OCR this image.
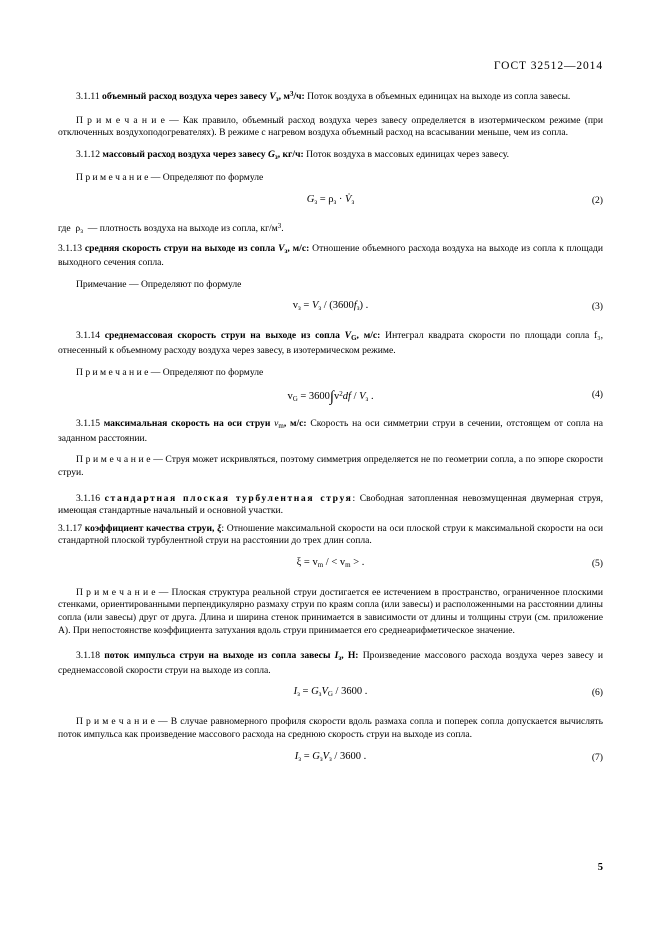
ГОСТ 32512—2014

3.1.11 объемный расход воздуха через завесу $V_з$, $м^3/ч$: Поток воздуха в объемных единицах на выходе из сопла завесы.

П р и м е ч а н и е — Как правило, объемный расход воздуха через завесу определяется в изотермическом режиме (при отключенных воздухоподогревателях). В режиме с нагревом воздуха объемный расход на всасывании меньше, чем из сопла.

3.1.12 массовый расход воздуха через завесу $G_з$, кг/ч: Поток воздуха в массовых единицах через завесу.

П р и м е ч а н и е — Определяют по формуле

$G_з = \rho_з$ · $V̇_з$	(2)

где  $\rho_з$  — плотность воздуха на выходе из сопла, $кг/м^3$.

3.1.13 средняя скорость струи на выходе из сопла $V_з$, м/с: Отношение объемного расхода воздуха на выходе из сопла к площади выходного сечения сопла.

Примечание — Определяют по формуле

$v_з = V_з / (3600f_з)$ .	(3)

3.1.14 среднемассовая скорость струи на выходе из сопла $V_G$, м/с: Интеграл квадрата скорости по площади сопла f₃, отнесенный к объемному расходу воздуха через завесу, в изотермическом режиме.

П р и м е ч а н и е — Определяют по формуле

$v_G = 3600\int v^2df / V_з$ .	(4)

3.1.15 максимальная скорость на оси струи $v_m$, м/с: Скорость на оси симметрии струи в сечении, отстоящем от сопла на заданном расстоянии.

П р и м е ч а н и е — Струя может искривляться, поэтому симметрия определяется не по геометрии сопла, а по эпюре скорости струи.

3.1.16 стандартная плоская турбулентная струя: Свободная затопленная невозмущенная двумерная струя, имеющая стандартные начальный и основной участки.

3.1.17 коэффициент качества струи, ξ: Отношение максимальной скорости на оси плоской струи к максимальной скорости на оси стандартной плоской турбулентной струи на расстоянии до трех длин сопла.

$\xi = v_m$ / < $v_m$ > .	(5)

П р и м е ч а н и е — Плоская структура реальной струи достигается ее истечением в пространство, ограниченное плоскими стенками, ориентированными перпендикулярно размаху струи по краям сопла (или завесы) и расположенными на расстоянии длины сопла (или завесы) друг от друга. Длина и ширина стенок принимается в зависимости от длины и толщины струи (см. приложение А). При непостоянстве коэффициента затухания вдоль струи принимается его среднеарифметическое значение.

3.1.18 поток импульса струи на выходе из сопла завесы $I_з$, Н: Произведение массового расхода воздуха через завесу и среднемассовой скорости струи на выходе из сопла.

$I_з = G_зV_G / 3600$ .	(6)

П р и м е ч а н и е — В случае равномерного профиля скорости вдоль размаха сопла и поперек сопла допускается вычислять поток импульса как произведение массового расхода на среднюю скорость струи на выходе из сопла.

$I_з = G_зV_з / 3600$ .	(7)
5
